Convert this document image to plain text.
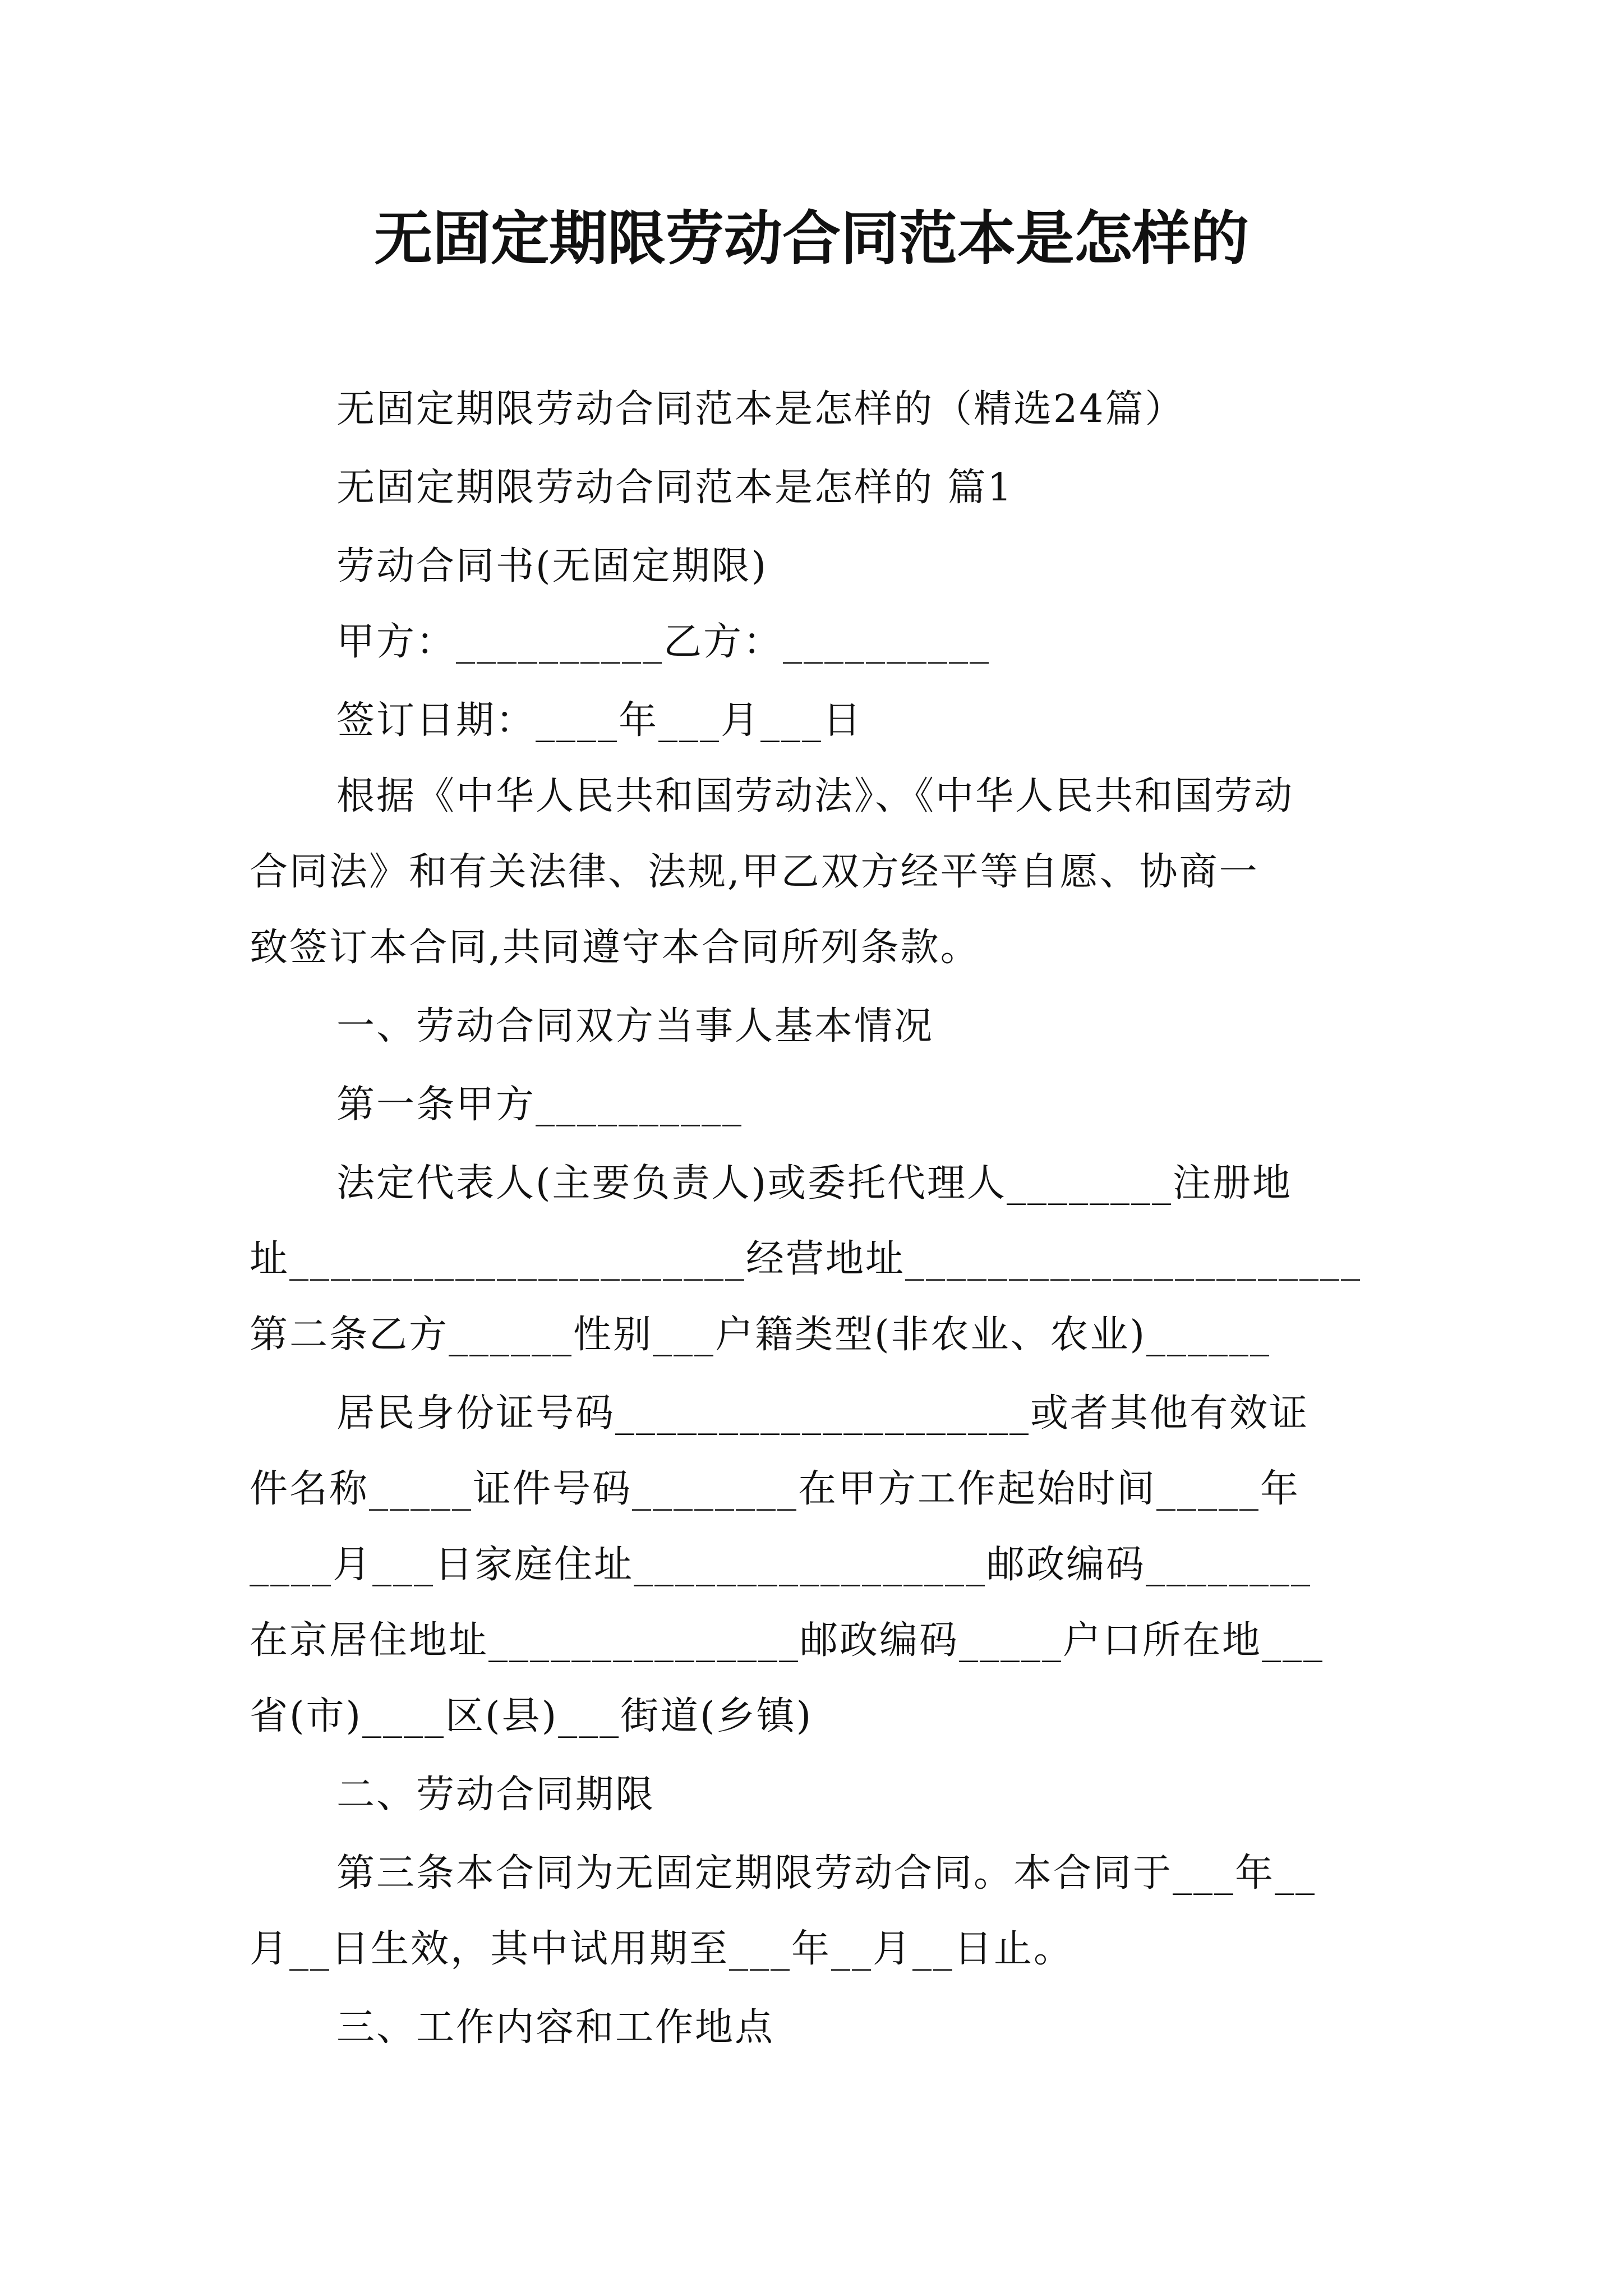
无固定期限劳动合同范本是怎样的
无固定期限劳动合同范本是怎样的（精选24篇）
无固定期限劳动合同范本是怎样的 篇1
劳动合同书(无固定期限)
甲方：__________乙方：__________
签订日期：____年___月___日
根据《中华人民共和国劳动法》、《中华人民共和国劳动
合同法》和有关法律、法规,甲乙双方经平等自愿、协商一
致签订本合同,共同遵守本合同所列条款。
一、劳动合同双方当事人基本情况
第一条甲方__________
法定代表人(主要负责人)或委托代理人________注册地
址______________________经营地址______________________
第二条乙方______性别___户籍类型(非农业、农业)______
居民身份证号码____________________或者其他有效证
件名称_____证件号码________在甲方工作起始时间_____年
____月___日家庭住址_________________邮政编码________
在京居住地址_______________邮政编码_____户口所在地___
省(市)____区(县)___街道(乡镇)
二、劳动合同期限
第三条本合同为无固定期限劳动合同。本合同于___年__
月__日生效，其中试用期至___年__月__日止。
三、工作内容和工作地点
